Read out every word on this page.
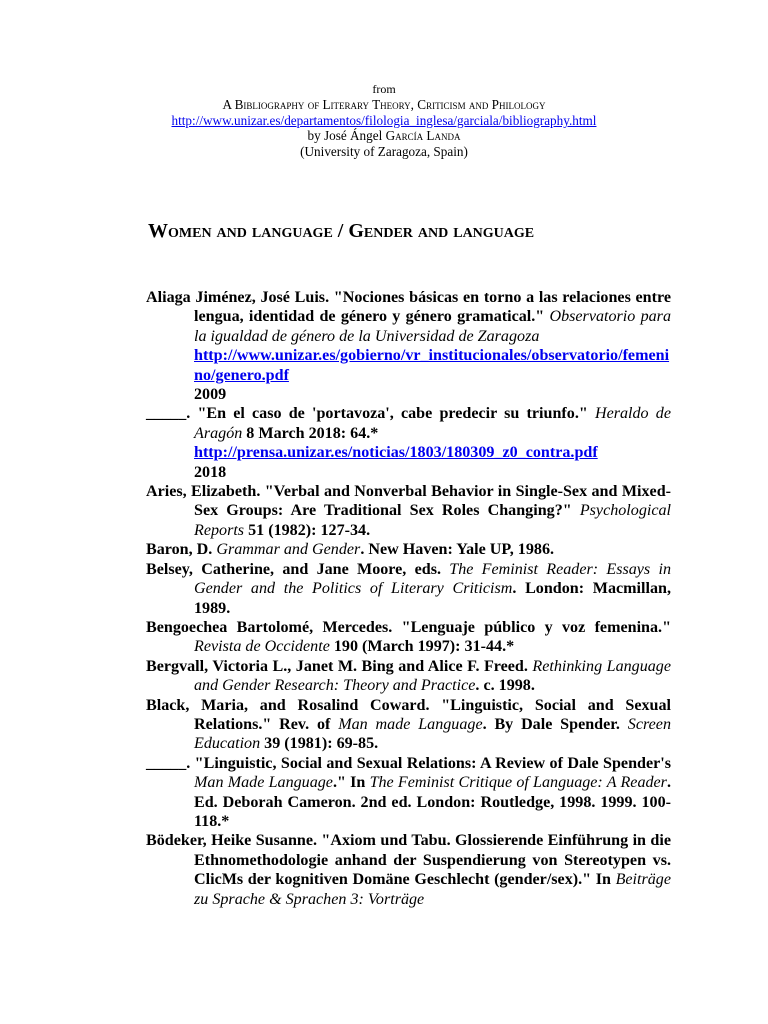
from
A Bibliography of Literary Theory, Criticism and Philology
http://www.unizar.es/departamentos/filologia_inglesa/garciala/bibliography.html
by José Ángel García Landa
(University of Zaragoza, Spain)
Women and language / Gender and language

Aliaga Jiménez, José Luis. "Nociones básicas en torno a las relaciones entre lengua, identidad de género y género gramatical." Observatorio para la igualdad de género de la Universidad de Zaragoza
http://www.unizar.es/gobierno/vr_institucionales/observatorio/femenino/genero.pdf
2009

_____. "En el caso de 'portavoza', cabe predecir su triunfo." Heraldo de Aragón 8 March 2018: 64.*
http://prensa.unizar.es/noticias/1803/180309_z0_contra.pdf
2018

Aries, Elizabeth. "Verbal and Nonverbal Behavior in Single-Sex and Mixed-Sex Groups: Are Traditional Sex Roles Changing?" Psychological Reports 51 (1982): 127-34.

Baron, D. Grammar and Gender. New Haven: Yale UP, 1986.

Belsey, Catherine, and Jane Moore, eds. The Feminist Reader: Essays in Gender and the Politics of Literary Criticism. London: Macmillan, 1989.

Bengoechea Bartolomé, Mercedes. "Lenguaje público y voz femenina." Revista de Occidente 190 (March 1997): 31-44.*

Bergvall, Victoria L., Janet M. Bing and Alice F. Freed. Rethinking Language and Gender Research: Theory and Practice. c. 1998.

Black, Maria, and Rosalind Coward. "Linguistic, Social and Sexual Relations." Rev. of Man made Language. By Dale Spender. Screen Education 39 (1981): 69-85.

_____. "Linguistic, Social and Sexual Relations: A Review of Dale Spender's Man Made Language." In The Feminist Critique of Language: A Reader. Ed. Deborah Cameron. 2nd ed. London: Routledge, 1998. 1999. 100-118.*

Bödeker, Heike Susanne. "Axiom und Tabu. Glossierende Einführung in die Ethnomethodologie anhand der Suspendierung von Stereotypen vs. ClicMs der kognitiven Domäne Geschlecht (gender/sex)." In Beiträge zu Sprache & Sprachen 3: Vorträge
